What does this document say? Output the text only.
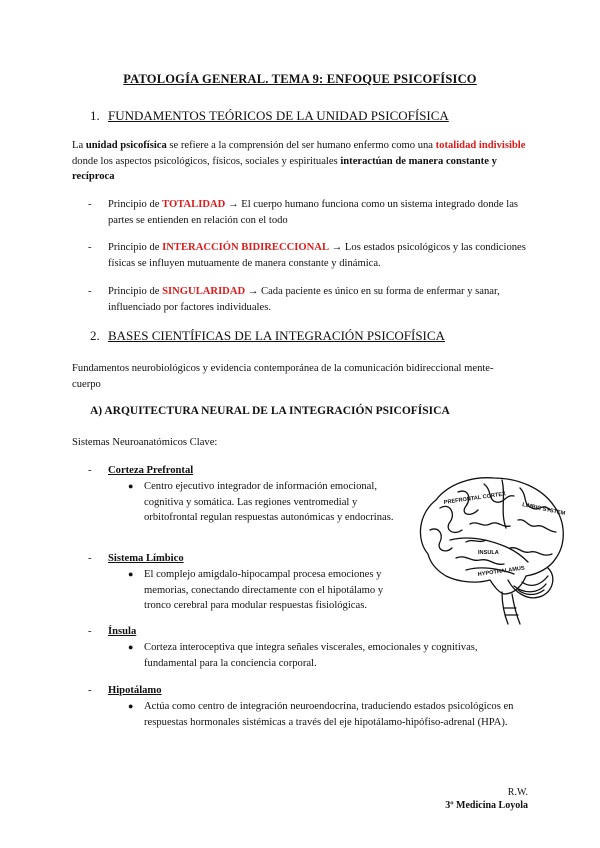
PATOLOGÍA GENERAL. TEMA 9: ENFOQUE PSICOFÍSICO
1. FUNDAMENTOS TEÓRICOS DE LA UNIDAD PSICOFÍSICA
La unidad psicofísica se refiere a la comprensión del ser humano enfermo como una totalidad indivisible donde los aspectos psicológicos, físicos, sociales y espirituales interactúan de manera constante y recíproca
- Principio de TOTALIDAD → El cuerpo humano funciona como un sistema integrado donde las partes se entienden en relación con el todo
- Principio de INTERACCIÓN BIDIRECCIONAL → Los estados psicológicos y las condiciones físicas se influyen mutuamente de manera constante y dinámica.
- Principio de SINGULARIDAD → Cada paciente es único en su forma de enfermar y sanar, influenciado por factores individuales.
2. BASES CIENTÍFICAS DE LA INTEGRACIÓN PSICOFÍSICA
Fundamentos neurobiológicos y evidencia contemporánea de la comunicación bidireccional mente-cuerpo
A) ARQUITECTURA NEURAL DE LA INTEGRACIÓN PSICOFÍSICA
Sistemas Neuroanatómicos Clave:
- Corteza Prefrontal
● Centro ejecutivo integrador de información emocional, cognitiva y somática. Las regiones ventromedial y orbitofrontal regulan respuestas autonómicas y endocrinas.
- Sistema Límbico
● El complejo amigdalo-hipocampal procesa emociones y memorias, conectando directamente con el hipotálamo y tronco cerebral para modular respuestas fisiológicas.
- Ínsula
● Corteza interoceptiva que integra señales viscerales, emocionales y cognitivas, fundamental para la conciencia corporal.
- Hipotálamo
● Actúa como centro de integración neuroendocrina, traduciendo estados psicológicos en respuestas hormonales sistémicas a través del eje hipotálamo-hipófiso-adrenal (HPA).
PREFRONTAL CORTEX
LIMBIC SYSTEM
INSULA
HYPOTHALAMUS
R.W.
3º Medicina Loyola
